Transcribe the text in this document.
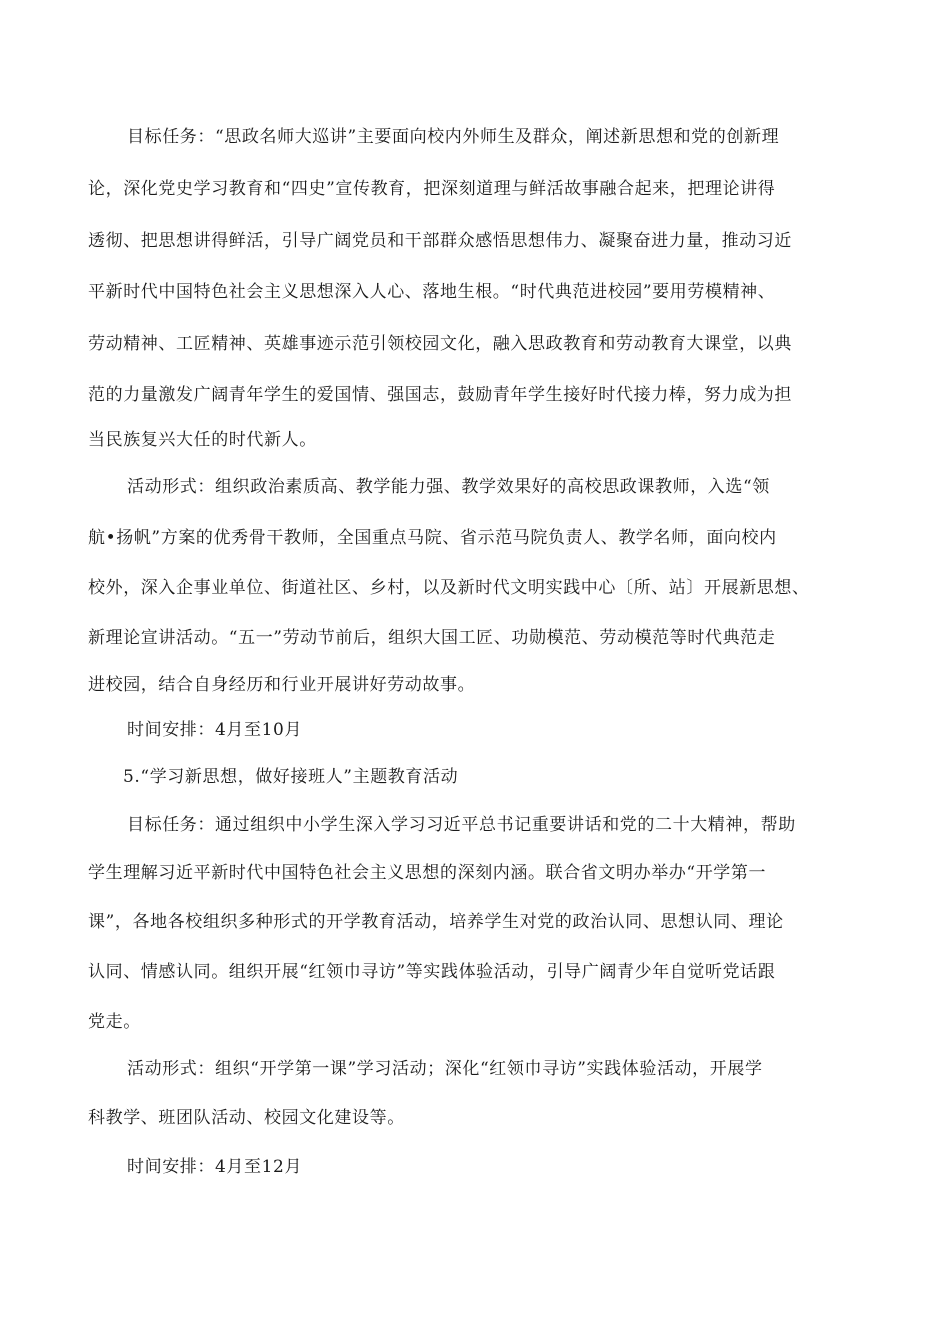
目标任务：“思政名师大巡讲”主要面向校内外师生及群众，阐述新思想和党的创新理
论，深化党史学习教育和“四史”宣传教育，把深刻道理与鲜活故事融合起来，把理论讲得
透彻、把思想讲得鲜活，引导广阔党员和干部群众感悟思想伟力、凝聚奋进力量，推动习近
平新时代中国特色社会主义思想深入人心、落地生根。“时代典范进校园”要用劳模精神、
劳动精神、工匠精神、英雄事迹示范引领校园文化，融入思政教育和劳动教育大课堂，以典
范的力量激发广阔青年学生的爱国情、强国志，鼓励青年学生接好时代接力棒，努力成为担
当民族复兴大任的时代新人。
活动形式：组织政治素质高、教学能力强、教学效果好的高校思政课教师，入选“领
航•扬帆”方案的优秀骨干教师，全国重点马院、省示范马院负责人、教学名师，面向校内
校外，深入企事业单位、街道社区、乡村，以及新时代文明实践中心〔所、站〕开展新思想、
新理论宣讲活动。“五一”劳动节前后，组织大国工匠、功勋模范、劳动模范等时代典范走
进校园，结合自身经历和行业开展讲好劳动故事。
时间安排：4月至10月
5.“学习新思想，做好接班人”主题教育活动
目标任务：通过组织中小学生深入学习习近平总书记重要讲话和党的二十大精神，帮助
学生理解习近平新时代中国特色社会主义思想的深刻内涵。联合省文明办举办“开学第一
课”，各地各校组织多种形式的开学教育活动，培养学生对党的政治认同、思想认同、理论
认同、情感认同。组织开展“红领巾寻访”等实践体验活动，引导广阔青少年自觉听党话跟
党走。
活动形式：组织“开学第一课”学习活动；深化“红领巾寻访”实践体验活动，开展学
科教学、班团队活动、校园文化建设等。
时间安排：4月至12月
